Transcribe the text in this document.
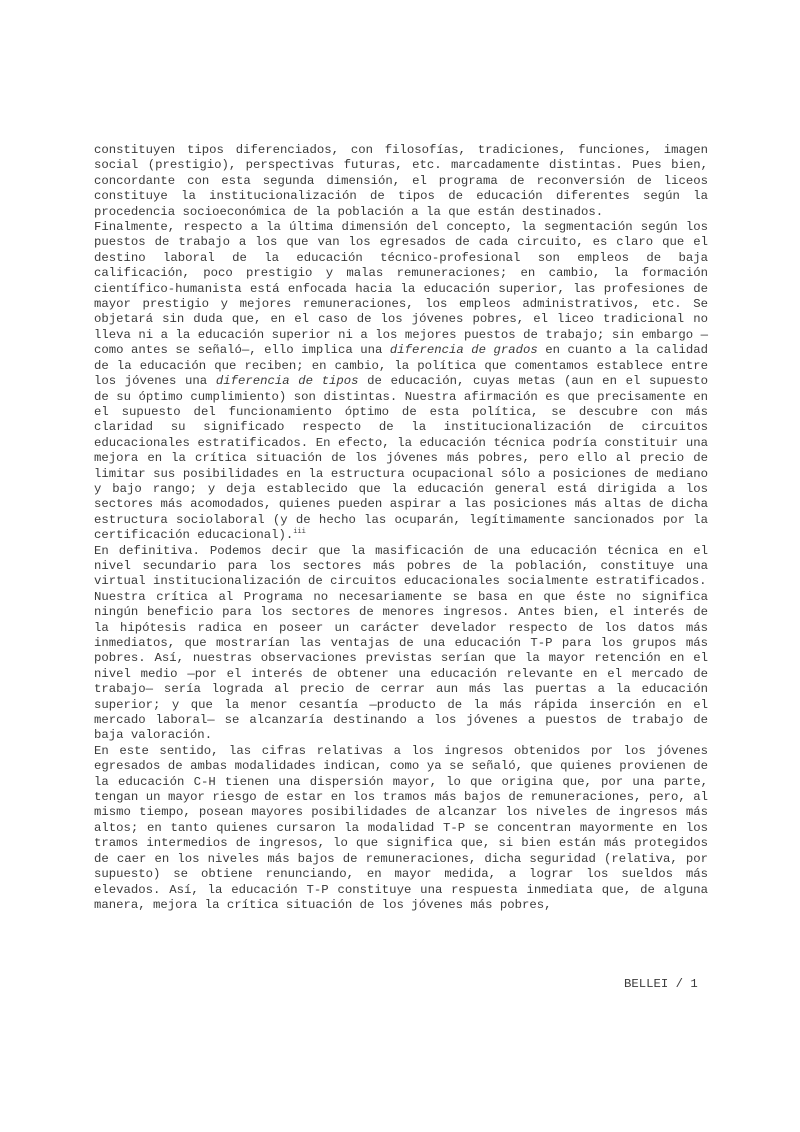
constituyen tipos diferenciados, con filosofías, tradiciones, funciones, imagen social (prestigio), perspectivas futuras, etc. marcadamente distintas. Pues bien, concordante con esta segunda dimensión, el programa de reconversión de liceos constituye la institucionalización de tipos de educación diferentes según la procedencia socioeconómica de la población a la que están destinados.

Finalmente, respecto a la última dimensión del concepto, la segmentación según los puestos de trabajo a los que van los egresados de cada circuito, es claro que el destino laboral de la educación técnico-profesional son empleos de baja calificación, poco prestigio y malas remuneraciones; en cambio, la formación científico-humanista está enfocada hacia la educación superior, las profesiones de mayor prestigio y mejores remuneraciones, los empleos administrativos, etc. Se objetará sin duda que, en el caso de los jóvenes pobres, el liceo tradicional no lleva ni a la educación superior ni a los mejores puestos de trabajo; sin embargo —como antes se señaló—, ello implica una diferencia de grados en cuanto a la calidad de la educación que reciben; en cambio, la política que comentamos establece entre los jóvenes una diferencia de tipos de educación, cuyas metas (aun en el supuesto de su óptimo cumplimiento) son distintas. Nuestra afirmación es que precisamente en el supuesto del funcionamiento óptimo de esta política, se descubre con más claridad su significado respecto de la institucionalización de circuitos educacionales estratificados. En efecto, la educación técnica podría constituir una mejora en la crítica situación de los jóvenes más pobres, pero ello al precio de limitar sus posibilidades en la estructura ocupacional sólo a posiciones de mediano y bajo rango; y deja establecido que la educación general está dirigida a los sectores más acomodados, quienes pueden aspirar a las posiciones más altas de dicha estructura sociolaboral (y de hecho las ocuparán, legítimamente sancionados por la certificación educacional).$^{iii}$

En definitiva. Podemos decir que la masificación de una educación técnica en el nivel secundario para los sectores más pobres de la población, constituye una virtual institucionalización de circuitos educacionales socialmente estratificados.

Nuestra crítica al Programa no necesariamente se basa en que éste no significa ningún beneficio para los sectores de menores ingresos. Antes bien, el interés de la hipótesis radica en poseer un carácter develador respecto de los datos más inmediatos, que mostrarían las ventajas de una educación T-P para los grupos más pobres. Así, nuestras observaciones previstas serían que la mayor retención en el nivel medio —por el interés de obtener una educación relevante en el mercado de trabajo— sería lograda al precio de cerrar aun más las puertas a la educación superior; y que la menor cesantía —producto de la más rápida inserción en el mercado laboral— se alcanzaría destinando a los jóvenes a puestos de trabajo de baja valoración.

En este sentido, las cifras relativas a los ingresos obtenidos por los jóvenes egresados de ambas modalidades indican, como ya se señaló, que quienes provienen de la educación C-H tienen una dispersión mayor, lo que origina que, por una parte, tengan un mayor riesgo de estar en los tramos más bajos de remuneraciones, pero, al mismo tiempo, posean mayores posibilidades de alcanzar los niveles de ingresos más altos; en tanto quienes cursaron la modalidad T-P se concentran mayormente en los tramos intermedios de ingresos, lo que significa que, si bien están más protegidos de caer en los niveles más bajos de remuneraciones, dicha seguridad (relativa, por supuesto) se obtiene renunciando, en mayor medida, a lograr los sueldos más elevados. Así, la educación T-P constituye una respuesta inmediata que, de alguna manera, mejora la crítica situación de los jóvenes más pobres,

BELLEI / 1
